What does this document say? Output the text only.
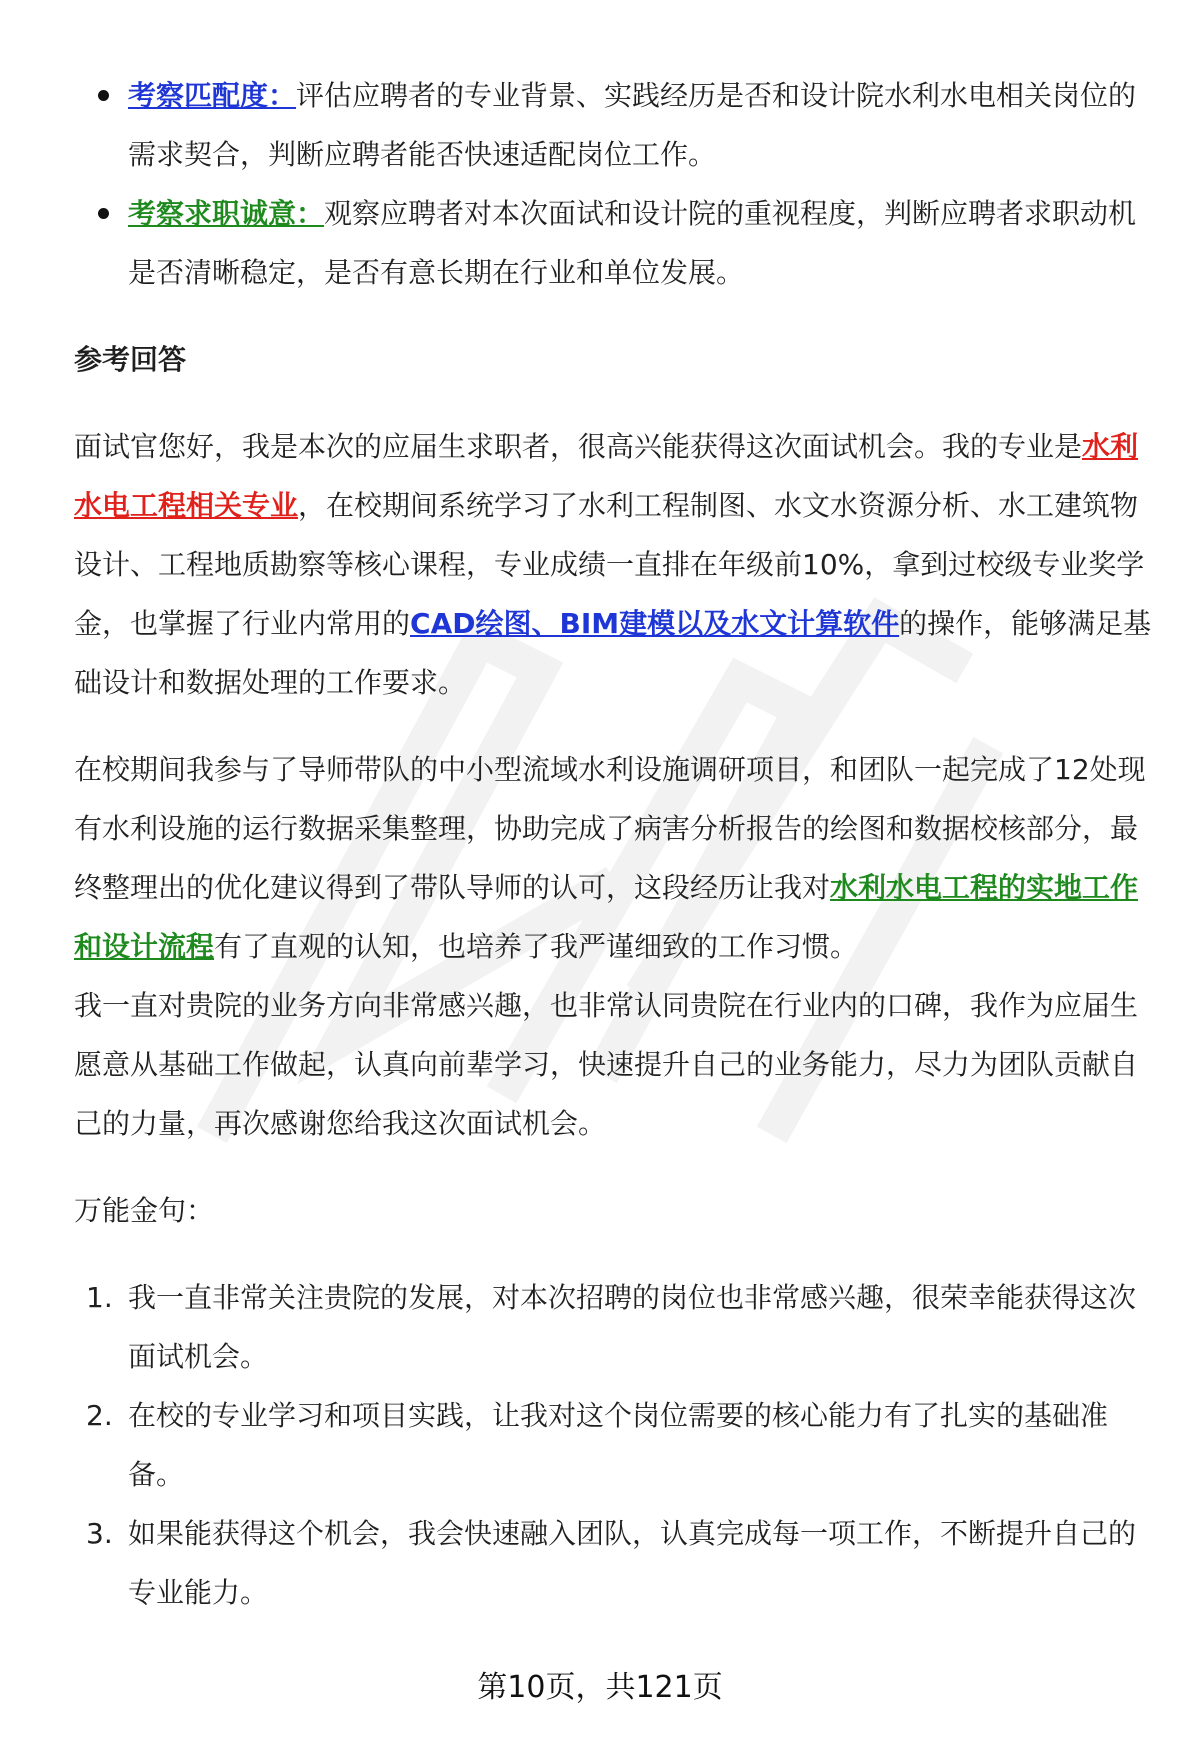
考察匹配度：评估应聘者的专业背景、实践经历是否和设计院水利水电相关岗位的需求契合，判断应聘者能否快速适配岗位工作。
考察求职诚意：观察应聘者对本次面试和设计院的重视程度，判断应聘者求职动机是否清晰稳定，是否有意长期在行业和单位发展。
参考回答

面试官您好，我是本次的应届生求职者，很高兴能获得这次面试机会。我的专业是水利水电工程相关专业，在校期间系统学习了水利工程制图、水文水资源分析、水工建筑物设计、工程地质勘察等核心课程，专业成绩一直排在年级前10%，拿到过校级专业奖学金，也掌握了行业内常用的CAD绘图、BIM建模以及水文计算软件的操作，能够满足基础设计和数据处理的工作要求。

在校期间我参与了导师带队的中小型流域水利设施调研项目，和团队一起完成了12处现有水利设施的运行数据采集整理，协助完成了病害分析报告的绘图和数据校核部分，最终整理出的优化建议得到了带队导师的认可，这段经历让我对水利水电工程的实地工作和设计流程有了直观的认知，也培养了我严谨细致的工作习惯。

我一直对贵院的业务方向非常感兴趣，也非常认同贵院在行业内的口碑，我作为应届生愿意从基础工作做起，认真向前辈学习，快速提升自己的业务能力，尽力为团队贡献自己的力量，再次感谢您给我这次面试机会。

万能金句：

1. 我一直非常关注贵院的发展，对本次招聘的岗位也非常感兴趣，很荣幸能获得这次面试机会。
2. 在校的专业学习和项目实践，让我对这个岗位需要的核心能力有了扎实的基础准备。
3. 如果能获得这个机会，我会快速融入团队，认真完成每一项工作，不断提升自己的专业能力。
第10页，共121页
